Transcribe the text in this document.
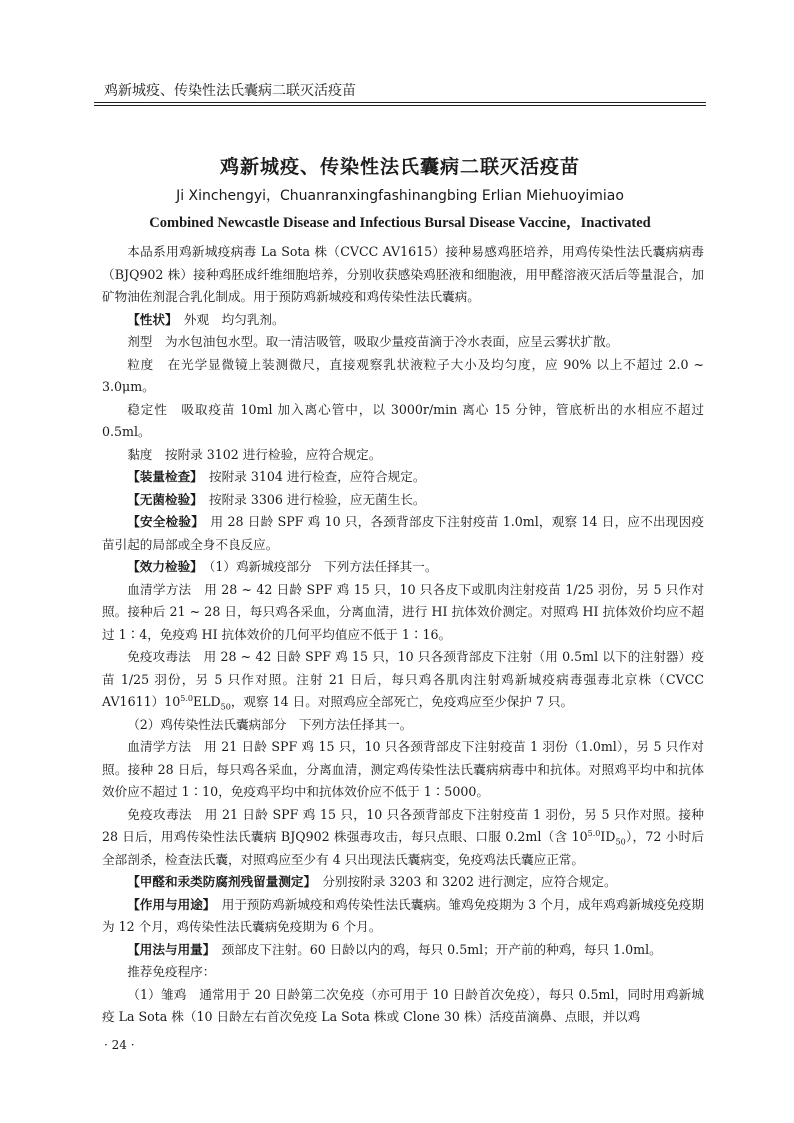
鸡新城疫、传染性法氏囊病二联灭活疫苗
鸡新城疫、传染性法氏囊病二联灭活疫苗
Ji Xinchengyi，Chuanranxingfashinangbing Erlian Miehuoyimiao
Combined Newcastle Disease and Infectious Bursal Disease Vaccine，Inactivated

本品系用鸡新城疫病毒 La Sota 株（CVCC AV1615）接种易感鸡胚培养，用鸡传染性法氏囊病病毒（BJQ902 株）接种鸡胚成纤维细胞培养，分别收获感染鸡胚液和细胞液，用甲醛溶液灭活后等量混合，加矿物油佐剂混合乳化制成。用于预防鸡新城疫和鸡传染性法氏囊病。

【性状】　 外观　均匀乳剂。

剂型　为水包油包水型。取一清洁吸管，吸取少量疫苗滴于冷水表面，应呈云雾状扩散。

粒度　在光学显微镜上装测微尺，直接观察乳状液粒子大小及均匀度，应 90% 以上不超过 2.0 ~ 3.0μm。

稳定性　吸取疫苗 10ml 加入离心管中，以 3000r/min 离心 15 分钟，管底析出的水相应不超过 0.5ml。

黏度　按附录 3102 进行检验，应符合规定。

【装量检查】　 按附录 3104 进行检查，应符合规定。

【无菌检验】　 按附录 3306 进行检验，应无菌生长。

【安全检验】　 用 28 日龄 SPF 鸡 10 只，各颈背部皮下注射疫苗 1.0ml，观察 14 日，应不出现因疫苗引起的局部或全身不良反应。

【效力检验】　 （1）鸡新城疫部分　下列方法任择其一。

血清学方法　用 28 ~ 42 日龄 SPF 鸡 15 只，10 只各皮下或肌肉注射疫苗 1/25 羽份，另 5 只作对照。接种后 21 ~ 28 日，每只鸡各采血，分离血清，进行 HI 抗体效价测定。对照鸡 HI 抗体效价均应不超过 1∶4，免疫鸡 HI 抗体效价的几何平均值应不低于 1∶16。

免疫攻毒法　用 28 ~ 42 日龄 SPF 鸡 15 只，10 只各颈背部皮下注射（用 0.5ml 以下的注射器）疫苗 1/25 羽份，另 5 只作对照。注射 21 日后，每只鸡各肌肉注射鸡新城疫病毒强毒北京株（CVCC $AV1611)10^{5.0}ELD_{50}$，观察 14 日。对照鸡应全部死亡，免疫鸡应至少保护 7 只。

（2）鸡传染性法氏囊病部分　下列方法任择其一。

血清学方法　用 21 日龄 SPF 鸡 15 只，10 只各颈背部皮下注射疫苗 1 羽份（1.0ml），另 5 只作对照。接种 28 日后，每只鸡各采血，分离血清，测定鸡传染性法氏囊病病毒中和抗体。对照鸡平均中和抗体效价应不超过 1∶10，免疫鸡平均中和抗体效价应不低于 1∶5000。

免疫攻毒法　用 21 日龄 SPF 鸡 15 只，10 只各颈背部皮下注射疫苗 1 羽份，另 5 只作对照。接种 28 日后，用鸡传染性法氏囊病 BJQ902 株强毒攻击，每只点眼、口服 0.2ml（含 $10^{5.0}ID_{50}$），72 小时后全部剖杀，检查法氏囊，对照鸡应至少有 4 只出现法氏囊病变，免疫鸡法氏囊应正常。

【甲醛和汞类防腐剂残留量测定】　 分别按附录 3203 和 3202 进行测定，应符合规定。

【作用与用途】　 用于预防鸡新城疫和鸡传染性法氏囊病。雏鸡免疫期为 3 个月，成年鸡鸡新城疫免疫期为 12 个月，鸡传染性法氏囊病免疫期为 6 个月。

【用法与用量】　 颈部皮下注射。60 日龄以内的鸡，每只 0.5ml；开产前的种鸡，每只 1.0ml。

推荐免疫程序：

（1）雏鸡　通常用于 20 日龄第二次免疫（亦可用于 10 日龄首次免疫），每只 0.5ml，同时用鸡新城疫 La Sota 株（10 日龄左右首次免疫 La Sota 株或 Clone 30 株）活疫苗滴鼻、点眼，并以鸡

· 24 ·
